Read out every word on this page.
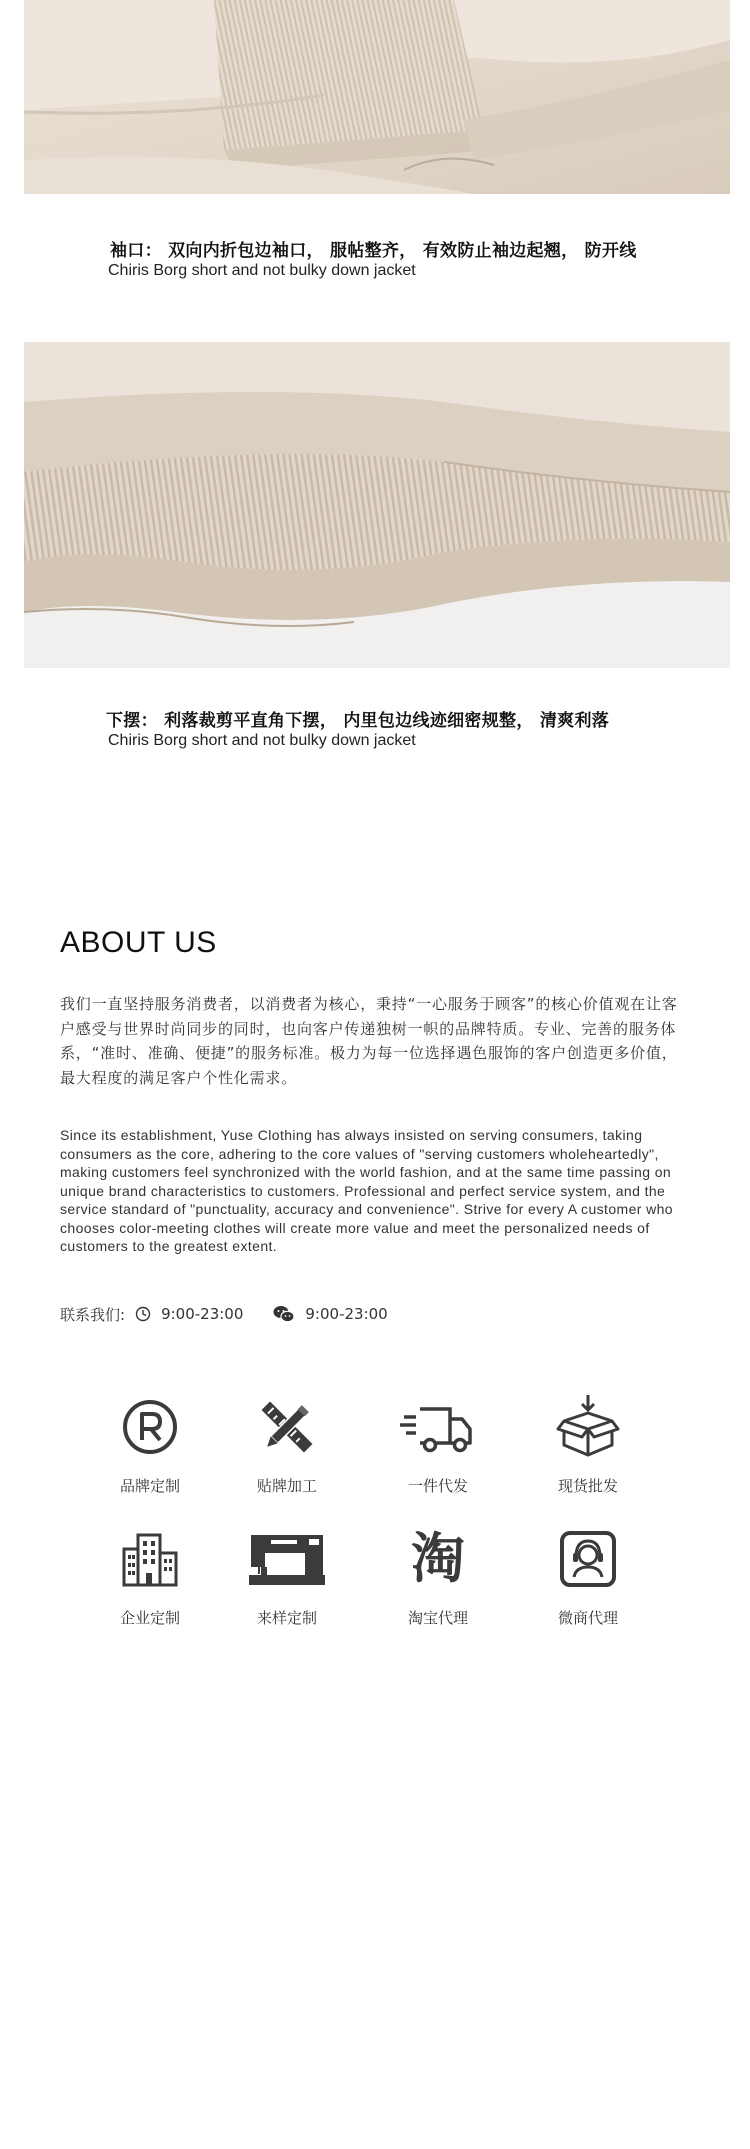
袖口： 双向内折包边袖口， 服帖整齐， 有效防止袖边起翘， 防开线
Chiris Borg short and not bulky down jacket
下摆： 利落裁剪平直角下摆， 内里包边线迹细密规整， 清爽利落
Chiris Borg short and not bulky down jacket
ABOUT US
我们一直坚持服务消费者，以消费者为核心，秉持“一心服务于顾客”的核心价值观在让客户感受与世界时尚同步的同时，也向客户传递独树一帜的品牌特质。专业、完善的服务体系，“准时、准确、便捷”的服务标准。极力为每一位选择遇色服饰的客户创造更多价值，最大程度的满足客户个性化需求。
Since its establishment, Yuse Clothing has always insisted on serving consumers, taking consumers as the core, adhering to the core values of "serving customers wholeheartedly", making customers feel synchronized with the world fashion, and at the same time passing on unique brand characteristics to customers. Professional and perfect service system, and the service standard of "punctuality, accuracy and convenience". Strive for every A customer who chooses color-meeting clothes will create more value and meet the personalized needs of customers to the greatest extent.
联系我们: 9:00-23:00	9:00-23:00
品牌定制	贴牌加工	一件代发	现货批发
企业定制	来样定制
淘
淘宝代理	微商代理
